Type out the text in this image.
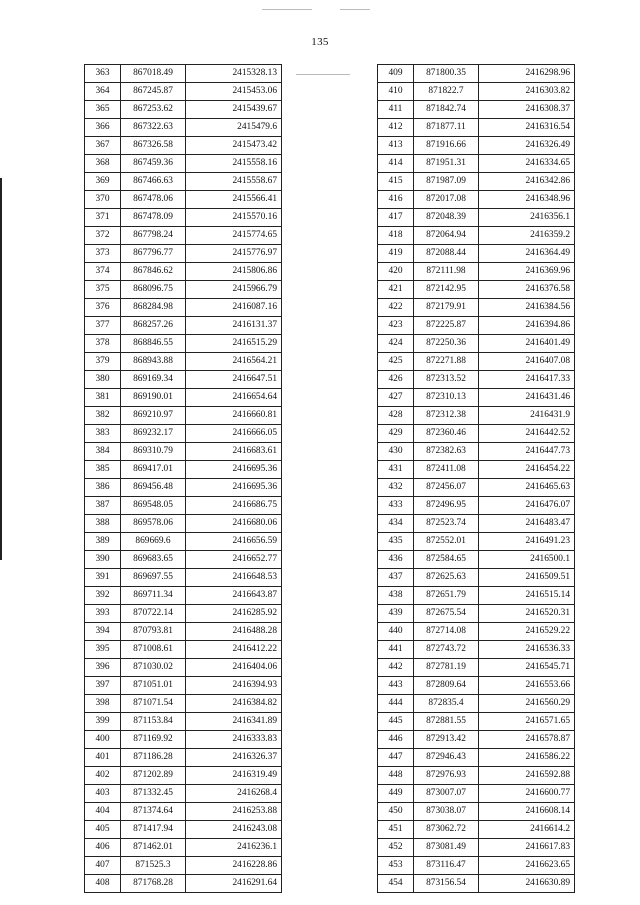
135
363	867018.49	2415328.13
364	867245.87	2415453.06
365	867253.62	2415439.67
366	867322.63	2415479.6
367	867326.58	2415473.42
368	867459.36	2415558.16
369	867466.63	2415558.67
370	867478.06	2415566.41
371	867478.09	2415570.16
372	867798.24	2415774.65
373	867796.77	2415776.97
374	867846.62	2415806.86
375	868096.75	2415966.79
376	868284.98	2416087.16
377	868257.26	2416131.37
378	868846.55	2416515.29
379	868943.88	2416564.21
380	869169.34	2416647.51
381	869190.01	2416654.64
382	869210.97	2416660.81
383	869232.17	2416666.05
384	869310.79	2416683.61
385	869417.01	2416695.36
386	869456.48	2416695.36
387	869548.05	2416686.75
388	869578.06	2416680.06
389	869669.6	2416656.59
390	869683.65	2416652.77
391	869697.55	2416648.53
392	869711.34	2416643.87
393	870722.14	2416285.92
394	870793.81	2416488.28
395	871008.61	2416412.22
396	871030.02	2416404.06
397	871051.01	2416394.93
398	871071.54	2416384.82
399	871153.84	2416341.89
400	871169.92	2416333.83
401	871186.28	2416326.37
402	871202.89	2416319.49
403	871332.45	2416268.4
404	871374.64	2416253.88
405	871417.94	2416243.08
406	871462.01	2416236.1
407	871525.3	2416228.86
408	871768.28	2416291.64
409	871800.35	2416298.96
410	871822.7	2416303.82
411	871842.74	2416308.37
412	871877.11	2416316.54
413	871916.66	2416326.49
414	871951.31	2416334.65
415	871987.09	2416342.86
416	872017.08	2416348.96
417	872048.39	2416356.1
418	872064.94	2416359.2
419	872088.44	2416364.49
420	872111.98	2416369.96
421	872142.95	2416376.58
422	872179.91	2416384.56
423	872225.87	2416394.86
424	872250.36	2416401.49
425	872271.88	2416407.08
426	872313.52	2416417.33
427	872310.13	2416431.46
428	872312.38	2416431.9
429	872360.46	2416442.52
430	872382.63	2416447.73
431	872411.08	2416454.22
432	872456.07	2416465.63
433	872496.95	2416476.07
434	872523.74	2416483.47
435	872552.01	2416491.23
436	872584.65	2416500.1
437	872625.63	2416509.51
438	872651.79	2416515.14
439	872675.54	2416520.31
440	872714.08	2416529.22
441	872743.72	2416536.33
442	872781.19	2416545.71
443	872809.64	2416553.66
444	872835.4	2416560.29
445	872881.55	2416571.65
446	872913.42	2416578.87
447	872946.43	2416586.22
448	872976.93	2416592.88
449	873007.07	2416600.77
450	873038.07	2416608.14
451	873062.72	2416614.2
452	873081.49	2416617.83
453	873116.47	2416623.65
454	873156.54	2416630.89
